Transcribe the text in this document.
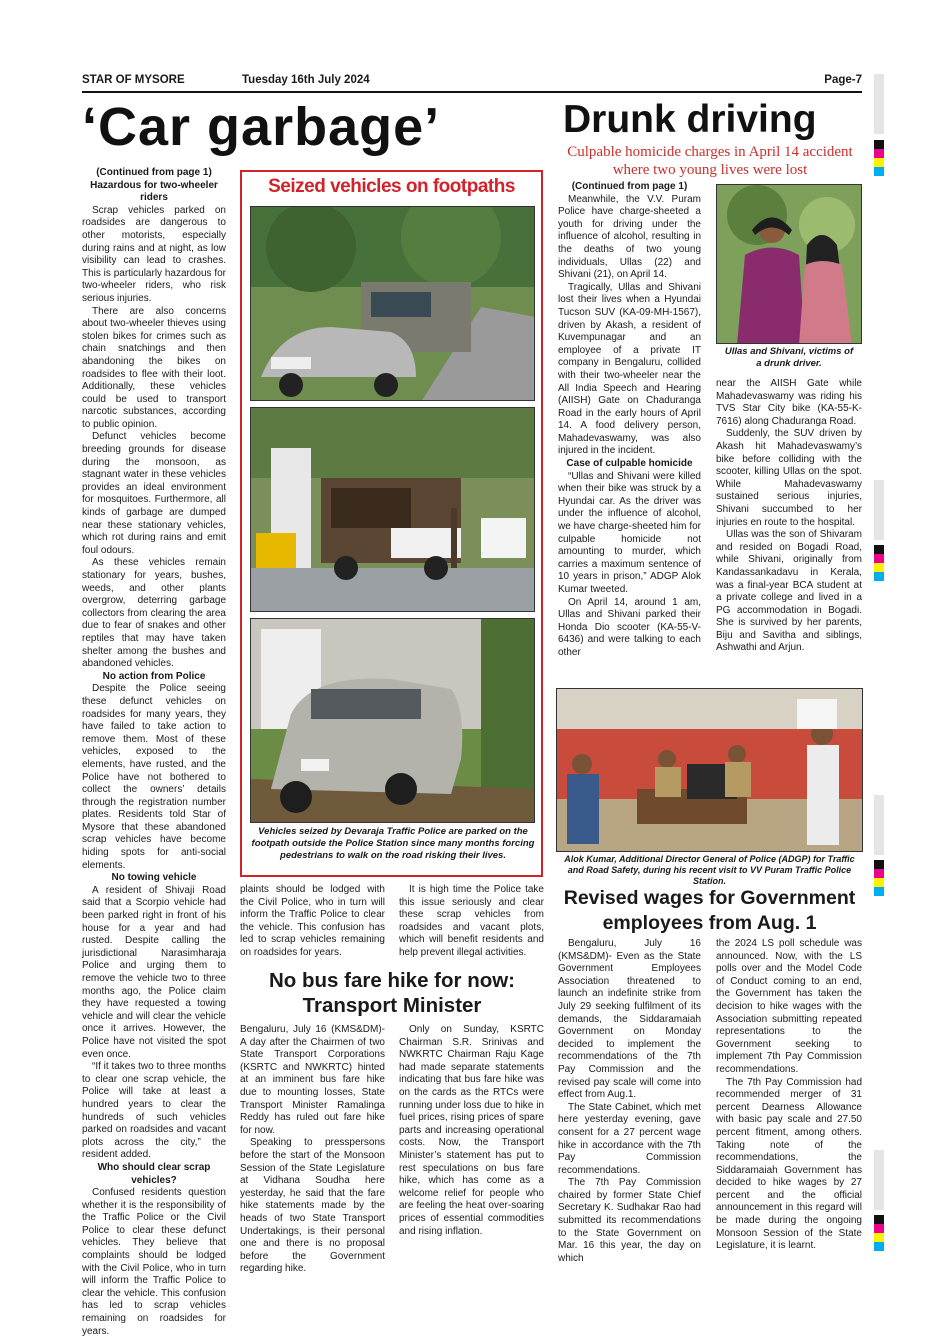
STAR OF MYSORE	Tuesday 16th July 2024	Page-7
‘Car garbage’

(Continued from page 1)

Hazardous for two-wheeler riders

Scrap vehicles parked on roadsides are dangerous to other motorists, especially during rains and at night, as low visibility can lead to crashes. This is particularly hazardous for two-wheeler riders, who risk serious injuries.

There are also concerns about two-wheeler thieves using stolen bikes for crimes such as chain snatchings and then abandoning the bikes on roadsides to flee with their loot. Additionally, these vehicles could be used to transport narcotic substances, according to public opinion.

Defunct vehicles become breeding grounds for disease during the monsoon, as stagnant water in these vehicles provides an ideal environment for mosquitoes. Furthermore, all kinds of garbage are dumped near these stationary vehicles, which rot during rains and emit foul odours.

As these vehicles remain stationary for years, bushes, weeds, and other plants overgrow, deterring garbage collectors from clearing the area due to fear of snakes and other reptiles that may have taken shelter among the bushes and abandoned vehicles.

No action from Police

Despite the Police seeing these defunct vehicles on roadsides for many years, they have failed to take action to remove them. Most of these vehicles, exposed to the elements, have rusted, and the Police have not bothered to collect the owners’ details through the registration number plates. Residents told Star of Mysore that these abandoned scrap vehicles have become hiding spots for anti-social elements.

No towing vehicle

A resident of Shivaji Road said that a Scorpio vehicle had been parked right in front of his house for a year and had rusted. Despite calling the jurisdictional Narasimharaja Police and urging them to remove the vehicle two to three months ago, the Police claim they have requested a towing vehicle and will clear the vehicle once it arrives. However, the Police have not visited the spot even once.

“If it takes two to three months to clear one scrap vehicle, the Police will take at least a hundred years to clear the hundreds of such vehicles parked on roadsides and vacant plots across the city,” the resident added.

Who should clear scrap vehicles?

Confused residents question whether it is the responsibility of the Traffic Police or the Civil Police to clear these defunct vehicles. They believe that complaints should be lodged with the Civil Police, who in turn will inform the Traffic Police to clear the vehicle. This confusion has led to scrap vehicles remaining on roadsides for years.

Seized vehicles on footpaths
Vehicles seized by Devaraja Traffic Police are parked on the footpath outside the Police Station since many months forcing pedestrians to walk on the road risking their lives.

plaints should be lodged with the Civil Police, who in turn will inform the Traffic Police to clear the vehicle. This confusion has led to scrap vehicles remaining on roadsides for years.

It is high time the Police take this issue seriously and clear these scrap vehicles from roadsides and vacant plots, which will benefit residents and help prevent illegal activities.

No bus fare hike for now:
Transport Minister

Bengaluru, July 16 (KMS&DM)- A day after the Chairmen of two State Transport Corporations (KSRTC and NWKRTC) hinted at an imminent bus fare hike due to mounting losses, State Transport Minister Ramalinga Reddy has ruled out fare hike for now.

Speaking to presspersons before the start of the Monsoon Session of the State Legislature at Vidhana Soudha here yesterday, he said that the fare hike statements made by the heads of two State Transport Undertakings, is their personal one and there is no proposal before the Government regarding hike.

Only on Sunday, KSRTC Chairman S.R. Srinivas and NWKRTC Chairman Raju Kage had made separate statements indicating that bus fare hike was on the cards as the RTCs were running under loss due to hike in fuel prices, rising prices of spare parts and increasing operational costs. Now, the Transport Minister’s statement has put to rest speculations on bus fare hike, which has come as a welcome relief for people who are feeling the heat over-soaring prices of essential commodities and rising inflation.

Drunk driving
Culpable homicide charges in April 14 accident
where two young lives were lost

(Continued from page 1)

Meanwhile, the V.V. Puram Police have charge-sheeted a youth for driving under the influence of alcohol, resulting in the deaths of two young individuals, Ullas (22) and Shivani (21), on April 14.

Tragically, Ullas and Shivani lost their lives when a Hyundai Tucson SUV (KA-09-MH-1567), driven by Akash, a resident of Kuvempunagar and an employee of a private IT company in Bengaluru, collided with their two-wheeler near the All India Speech and Hearing (AIISH) Gate on Chaduranga Road in the early hours of April 14. A food delivery person, Mahadevaswamy, was also injured in the incident.

Case of culpable homicide

“Ullas and Shivani were killed when their bike was struck by a Hyundai car. As the driver was under the influence of alcohol, we have charge-sheeted him for culpable homicide not amounting to murder, which carries a maximum sentence of 10 years in prison,” ADGP Alok Kumar tweeted.

On April 14, around 1 am, Ullas and Shivani parked their Honda Dio scooter (KA-55-V-6436) and were talking to each other

Ullas and Shivani, victims of
a drunk driver.

near the AIISH Gate while Mahadevaswamy was riding his TVS Star City bike (KA-55-K-7616) along Chaduranga Road.

Suddenly, the SUV driven by Akash hit Mahadevaswamy’s bike before colliding with the scooter, killing Ullas on the spot. While Mahadevaswamy sustained serious injuries, Shivani succumbed to her injuries en route to the hospital.

Ullas was the son of Shivaram and resided on Bogadi Road, while Shivani, originally from Kandassankadavu in Kerala, was a final-year BCA student at a private college and lived in a PG accommodation in Bogadi. She is survived by her parents, Biju and Savitha and siblings, Ashwathi and Arjun.

Alok Kumar, Additional Director General of Police (ADGP) for Traffic and Road Safety, during his recent visit to VV Puram Traffic Police Station.
Revised wages for Government
employees from Aug. 1

Bengaluru, July 16 (KMS&DM)- Even as the State Government Employees Association threatened to launch an indefinite strike from July 29 seeking fulfilment of its demands, the Siddaramaiah Government on Monday decided to implement the recommendations of the 7th Pay Commission and the revised pay scale will come into effect from Aug.1.

The State Cabinet, which met here yesterday evening, gave consent for a 27 percent wage hike in accordance with the 7th Pay Commission recommendations.

The 7th Pay Commission chaired by former State Chief Secretary K. Sudhakar Rao had submitted its recommendations to the State Government on Mar. 16 this year, the day on which

the 2024 LS poll schedule was announced. Now, with the LS polls over and the Model Code of Conduct coming to an end, the Government has taken the decision to hike wages with the Association submitting repeated representations to the Government seeking to implement 7th Pay Commission recommendations.

The 7th Pay Commission had recommended merger of 31 percent Dearness Allowance with basic pay scale and 27.50 percent fitment, among others. Taking note of the recommendations, the Siddaramaiah Government has decided to hike wages by 27 percent and the official announcement in this regard will be made during the ongoing Monsoon Session of the State Legislature, it is learnt.
